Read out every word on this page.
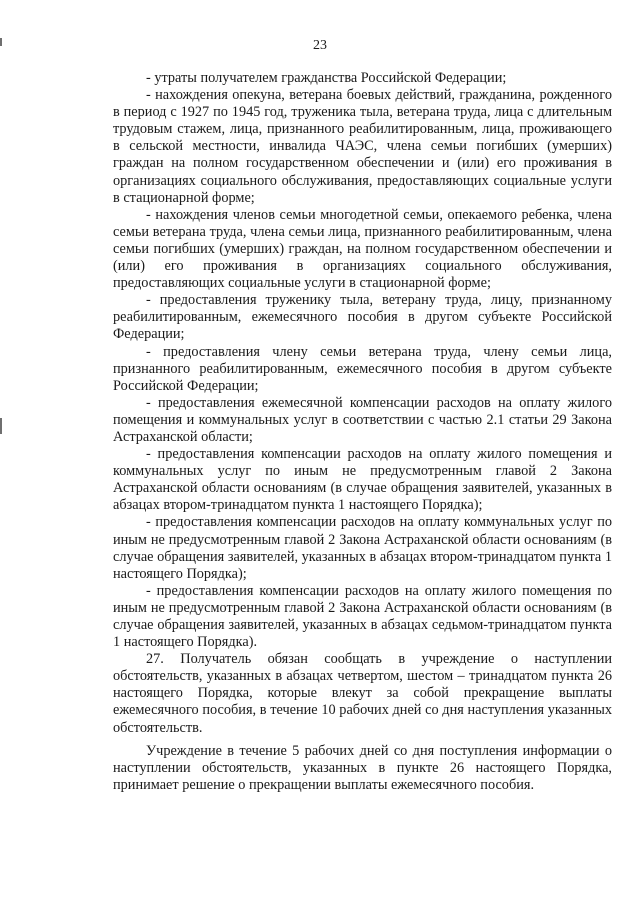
23

- утраты получателем гражданства Российской Федерации;

- нахождения опекуна, ветерана боевых действий, гражданина, рожденного в период с 1927 по 1945 год, труженика тыла, ветерана труда, лица с длительным трудовым стажем, лица, признанного реабилитированным, лица, проживающего в сельской местности, инвалида ЧАЭС, члена семьи погибших (умерших) граждан на полном государственном обеспечении и (или) его проживания в организациях социального обслуживания, предоставляющих социальные услуги в стационарной форме;

- нахождения членов семьи многодетной семьи, опекаемого ребенка, члена семьи ветерана труда, члена семьи лица, признанного реабилитированным, члена семьи погибших (умерших) граждан, на полном государственном обеспечении и (или) его проживания в организациях социального обслуживания, предоставляющих социальные услуги в стационарной форме;

- предоставления труженику тыла, ветерану труда, лицу, признанному реабилитированным, ежемесячного пособия в другом субъекте Российской Федерации;

- предоставления члену семьи ветерана труда, члену семьи лица, признанного реабилитированным, ежемесячного пособия в другом субъекте Российской Федерации;

- предоставления ежемесячной компенсации расходов на оплату жилого помещения и коммунальных услуг в соответствии с частью 2.1 статьи 29 Закона Астраханской области;

- предоставления компенсации расходов на оплату жилого помещения и коммунальных услуг по иным не предусмотренным главой 2 Закона Астраханской области основаниям (в случае обращения заявителей, указанных в абзацах втором-тринадцатом пункта 1 настоящего Порядка);

- предоставления компенсации расходов на оплату коммунальных услуг по иным не предусмотренным главой 2 Закона Астраханской области основаниям (в случае обращения заявителей, указанных в абзацах втором-тринадцатом пункта 1 настоящего Порядка);

- предоставления компенсации расходов на оплату жилого помещения по иным не предусмотренным главой 2 Закона Астраханской области основаниям (в случае обращения заявителей, указанных в абзацах седьмом-тринадцатом пункта 1 настоящего Порядка).

27. Получатель обязан сообщать в учреждение о наступлении обстоятельств, указанных в абзацах четвертом, шестом – тринадцатом пункта 26 настоящего Порядка, которые влекут за собой прекращение выплаты ежемесячного пособия, в течение 10 рабочих дней со дня наступления указанных обстоятельств.

Учреждение в течение 5 рабочих дней со дня поступления информации о наступлении обстоятельств, указанных в пункте 26 настоящего Порядка, принимает решение о прекращении выплаты ежемесячного пособия.
